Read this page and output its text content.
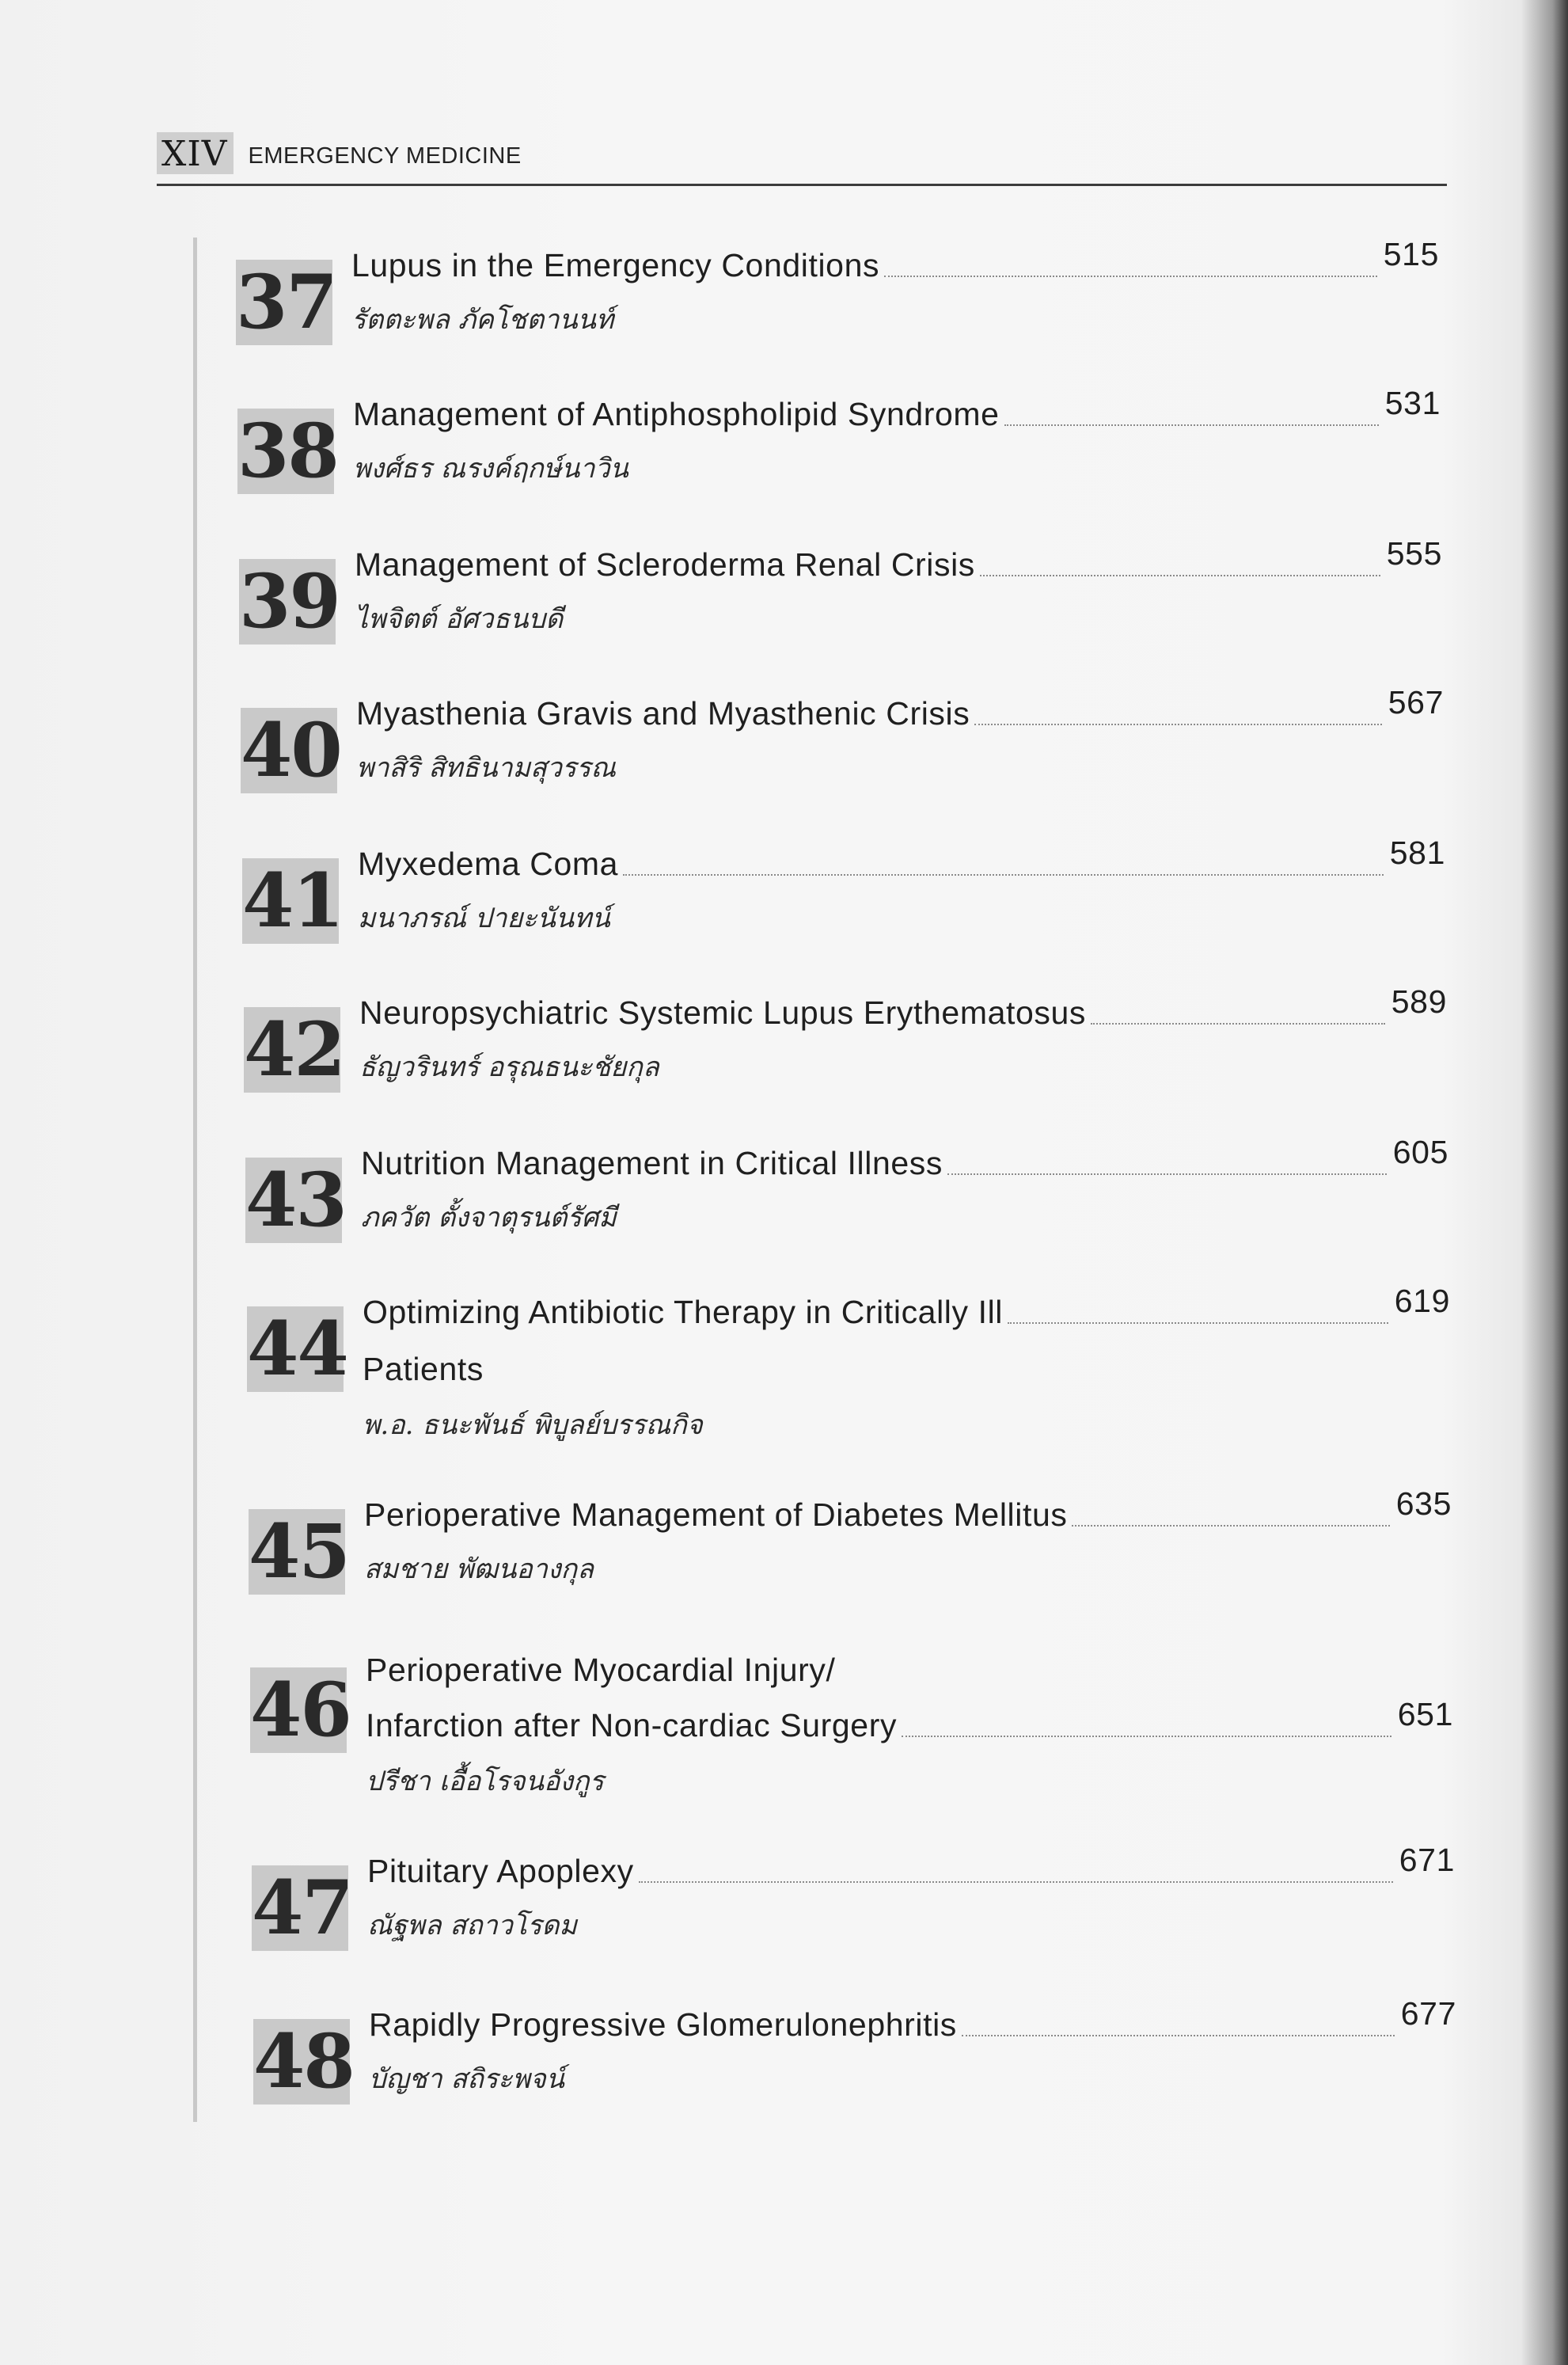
XIV EMERGENCY MEDICINE
37 Lupus in the Emergency Conditions	515
รัตตะพล ภัคโชตานนท์
38 Management of Antiphospholipid Syndrome	531
พงศ์ธร ณรงค์ฤกษ์นาวิน
39 Management of Scleroderma Renal Crisis	555
ไพจิตต์ อัศวธนบดี
40 Myasthenia Gravis and Myasthenic Crisis	567
พาสิริ สิทธินามสุวรรณ
41 Myxedema Coma	581
มนาภรณ์ ปายะนันทน์
42 Neuropsychiatric Systemic Lupus Erythematosus	589
ธัญวรินทร์ อรุณธนะชัยกุล
43 Nutrition Management in Critical Illness	605
ภควัต ตั้งจาตุรนต์รัศมี
44 Optimizing Antibiotic Therapy in Critically Ill	619
Patients
พ.อ. ธนะพันธ์ พิบูลย์บรรณกิจ
45 Perioperative Management of Diabetes Mellitus	635
สมชาย พัฒนอางกุล
46 Perioperative Myocardial Injury/
Infarction after Non-cardiac Surgery	651
ปรีชา เอื้อโรจนอังกูร
47 Pituitary Apoplexy	671
ณัฐพล สถาวโรดม
48 Rapidly Progressive Glomerulonephritis	677
บัญชา สถิระพจน์
